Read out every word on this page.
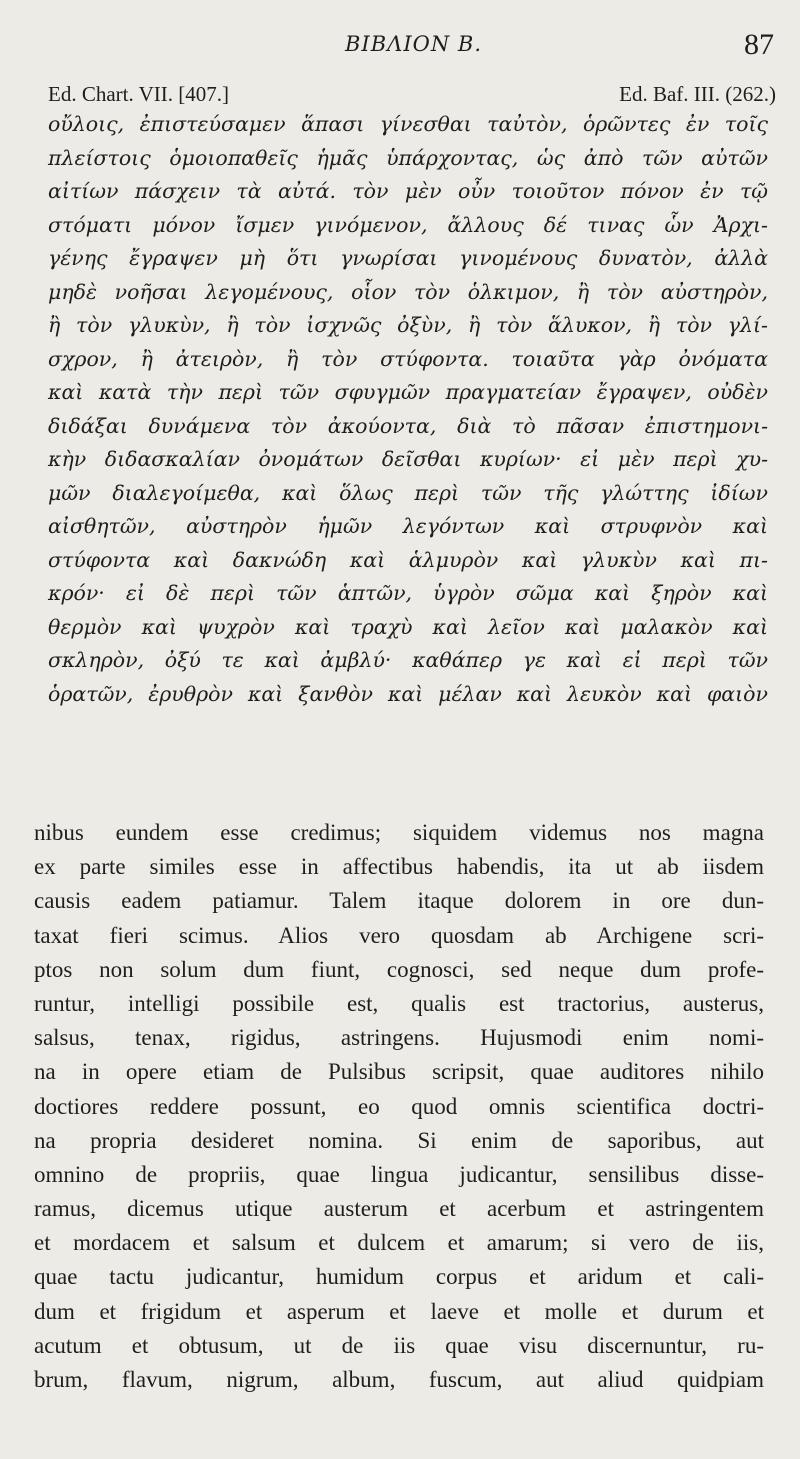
BIBΛION B.	87
Ed. Chart. VII. [407.]	Ed. Baf. III. (262.)
οὔλοις, ἐπιστεύσαμεν ἅπασι γίνεσθαι ταὐτὸν, ὁρῶντες ἐν τοῖς
πλείστοις ὁμοιοπαθεῖς ἡμᾶς ὑπάρχοντας, ὡς ἀπὸ τῶν αὐτῶν
αἰτίων πάσχειν τὰ αὐτά. τὸν μὲν οὖν τοιοῦτον πόνον ἐν τῷ
στόματι μόνον ἴσμεν γινόμενον, ἄλλους δέ τινας ὧν Ἀρχι-
γένης ἔγραψεν μὴ ὅτι γνωρίσαι γινομένους δυνατὸν, ἀλλὰ
μηδὲ νοῆσαι λεγομένους, οἷον τὸν ὁλκιμον, ἢ τὸν αὐστηρὸν,
ἢ τὸν γλυκὺν, ἢ τὸν ἰσχνῶς ὀξὺν, ἢ τὸν ἅλυκον, ἢ τὸν γλί-
σχρον, ἢ ἀτειρὸν, ἢ τὸν στύφοντα. τοιαῦτα γὰρ ὀνόματα
καὶ κατὰ τὴν περὶ τῶν σφυγμῶν πραγματείαν ἔγραψεν, οὐδὲν
διδάξαι δυνάμενα τὸν ἀκούοντα, διὰ τὸ πᾶσαν ἐπιστημονι-
κὴν διδασκαλίαν ὀνομάτων δεῖσθαι κυρίων· εἰ μὲν περὶ χυ-
μῶν διαλεγοίμεθα, καὶ ὅλως περὶ τῶν τῆς γλώττης ἰδίων
αἰσθητῶν, αὐστηρὸν ἡμῶν λεγόντων καὶ στρυφνὸν καὶ
στύφοντα καὶ δακνώδη καὶ ἁλμυρὸν καὶ γλυκὺν καὶ πι-
κρόν· εἰ δὲ περὶ τῶν ἁπτῶν, ὑγρὸν σῶμα καὶ ξηρὸν καὶ
θερμὸν καὶ ψυχρὸν καὶ τραχὺ καὶ λεῖον καὶ μαλακὸν καὶ
σκληρὸν, ὀξύ τε καὶ ἀμβλύ· καθάπερ γε καὶ εἰ περὶ τῶν
ὁρατῶν, ἐρυθρὸν καὶ ξανθὸν καὶ μέλαν καὶ λευκὸν καὶ φαιὸν
nibus eundem esse credimus; siquidem videmus nos magna
ex parte similes esse in affectibus habendis, ita ut ab iisdem
causis eadem patiamur. Talem itaque dolorem in ore dun-
taxat fieri scimus. Alios vero quosdam ab Archigene scri-
ptos non solum dum fiunt, cognosci, sed neque dum profe-
runtur, intelligi possibile est, qualis est tractorius, austerus,
salsus, tenax, rigidus, astringens. Hujusmodi enim nomi-
na in opere etiam de Pulsibus scripsit, quae auditores nihilo
doctiores reddere possunt, eo quod omnis scientifica doctri-
na propria desideret nomina. Si enim de saporibus, aut
omnino de propriis, quae lingua judicantur, sensilibus disse-
ramus, dicemus utique austerum et acerbum et astringentem
et mordacem et salsum et dulcem et amarum; si vero de iis,
quae tactu judicantur, humidum corpus et aridum et cali-
dum et frigidum et asperum et laeve et molle et durum et
acutum et obtusum, ut de iis quae visu discernuntur, ru-
brum, flavum, nigrum, album, fuscum, aut aliud quidpiam
